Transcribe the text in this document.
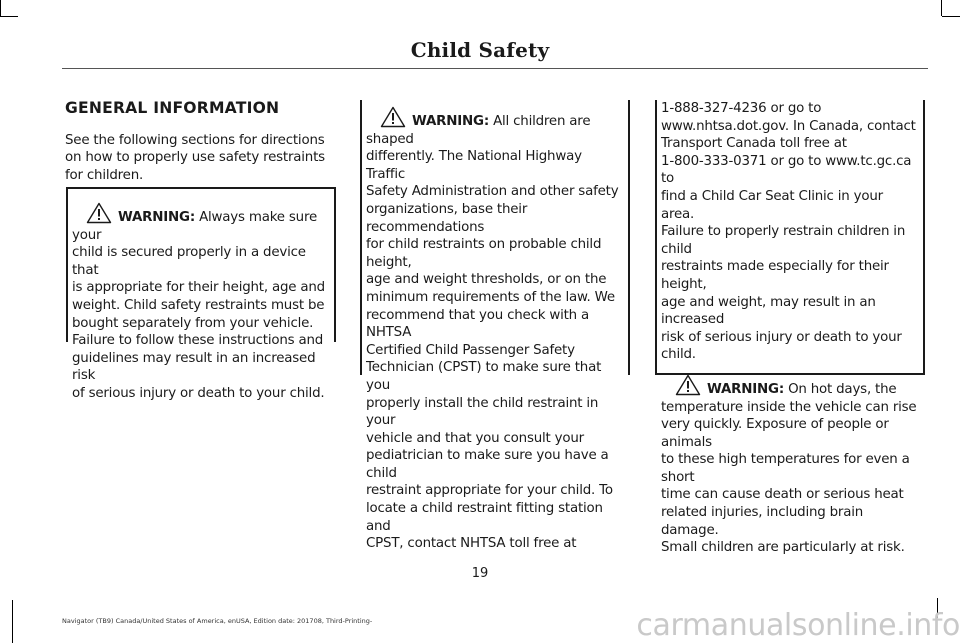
Child Safety
GENERAL INFORMATION

See the following sections for directions on how to properly use safety restraints for children.

WARNING: Always make sure your
child is secured properly in a device that
is appropriate for their height, age and
weight. Child safety restraints must be
bought separately from your vehicle.
Failure to follow these instructions and
guidelines may result in an increased risk
of serious injury or death to your child.
WARNING: All children are shaped
differently. The National Highway Traffic
Safety Administration and other safety
organizations, base their recommendations
for child restraints on probable child height,
age and weight thresholds, or on the
minimum requirements of the law. We
recommend that you check with a NHTSA
Certified Child Passenger Safety
Technician (CPST) to make sure that you
properly install the child restraint in your
vehicle and that you consult your
pediatrician to make sure you have a child
restraint appropriate for your child. To
locate a child restraint fitting station and
CPST, contact NHTSA toll free at
1-888-327-4236 or go to
www.nhtsa.dot.gov. In Canada, contact
Transport Canada toll free at
1-800-333-0371 or go to www.tc.gc.ca to
find a Child Car Seat Clinic in your area.
Failure to properly restrain children in child
restraints made especially for their height,
age and weight, may result in an increased
risk of serious injury or death to your child.
WARNING: On hot days, the
temperature inside the vehicle can rise
very quickly. Exposure of people or animals
to these high temperatures for even a short
time can cause death or serious heat
related injuries, including brain damage.
Small children are particularly at risk.
19
Navigator (TB9) Canada/United States of America, enUSA, Edition date: 201708, Third-Printing-	carmanualsonline.info
